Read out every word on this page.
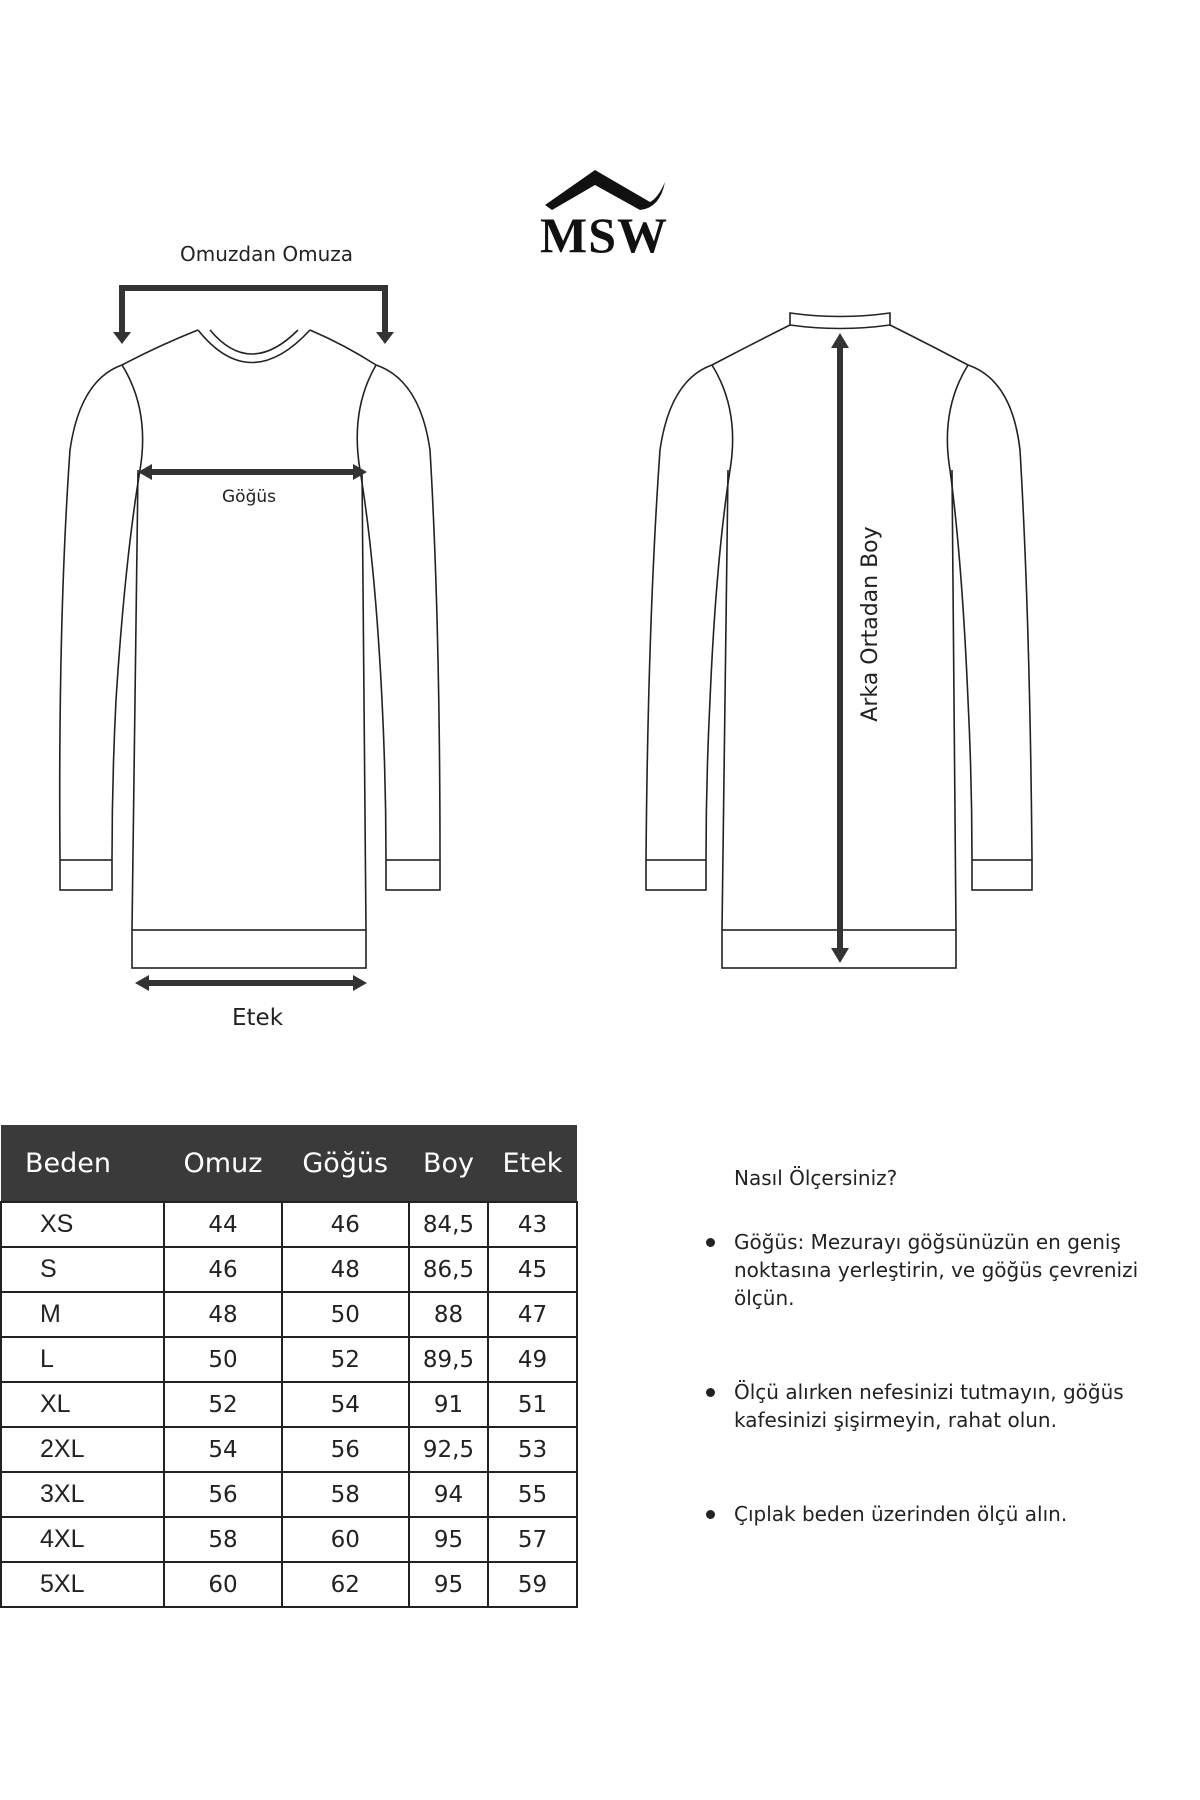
MSW
Omuzdan Omuza
Göğüs
Etek
Arka Ortadan Boy
Beden	Omuz	Göğüs	Boy	Etek
XS	44	46	84,5	43
S	46	48	86,5	45
M	48	50	88	47
L	50	52	89,5	49
XL	52	54	91	51
2XL	54	56	92,5	53
3XL	56	58	94	55
4XL	58	60	95	57
5XL	60	62	95	59
Nasıl Ölçersiniz?
Göğüs: Mezurayı göğsünüzün en geniş noktasına yerleştirin, ve göğüs çevrenizi ölçün.
Ölçü alırken nefesinizi tutmayın, göğüs kafesinizi şişirmeyin, rahat olun.
Çıplak beden üzerinden ölçü alın.
